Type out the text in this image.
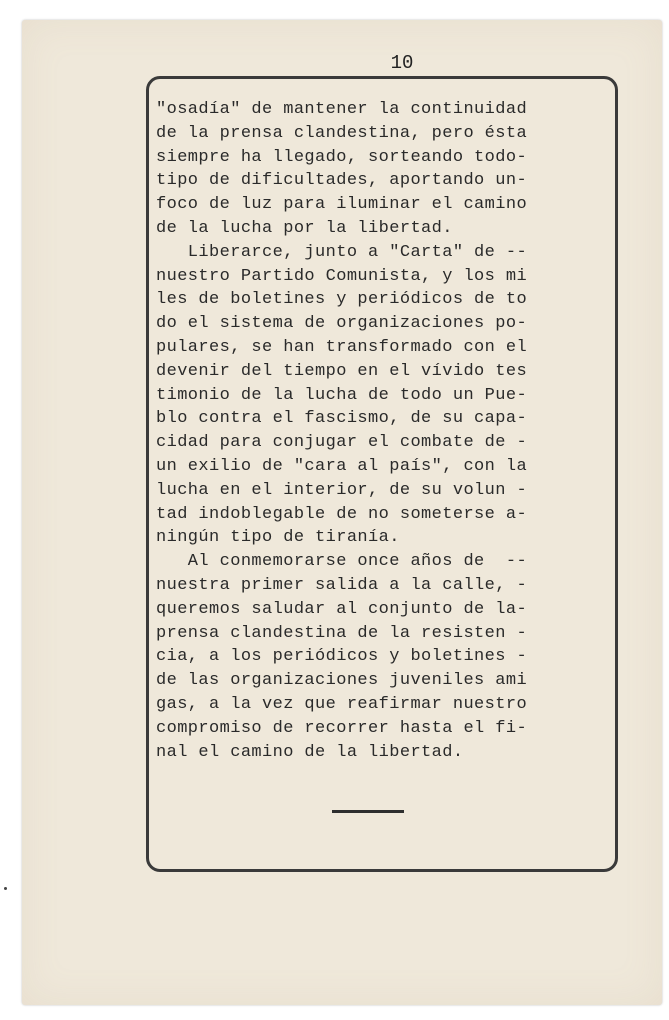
10
"osadía" de mantener la continuidad
de la prensa clandestina, pero ésta
siempre ha llegado, sorteando todo-
tipo de dificultades, aportando un-
foco de luz para iluminar el camino
de la lucha por la libertad.
Liberarce, junto a "Carta" de --
nuestro Partido Comunista, y los mi
les de boletines y periódicos de to
do el sistema de organizaciones po-
pulares, se han transformado con el
devenir del tiempo en el vívido tes
timonio de la lucha de todo un Pue-
blo contra el fascismo, de su capa-
cidad para conjugar el combate de -
un exilio de "cara al país", con la
lucha en el interior, de su volun -
tad indoblegable de no someterse a-
ningún tipo de tiranía.
Al conmemorarse once años de  --
nuestra primer salida a la calle, -
queremos saludar al conjunto de la-
prensa clandestina de la resisten -
cia, a los periódicos y boletines -
de las organizaciones juveniles ami
gas, a la vez que reafirmar nuestro
compromiso de recorrer hasta el fi-
nal el camino de la libertad.
